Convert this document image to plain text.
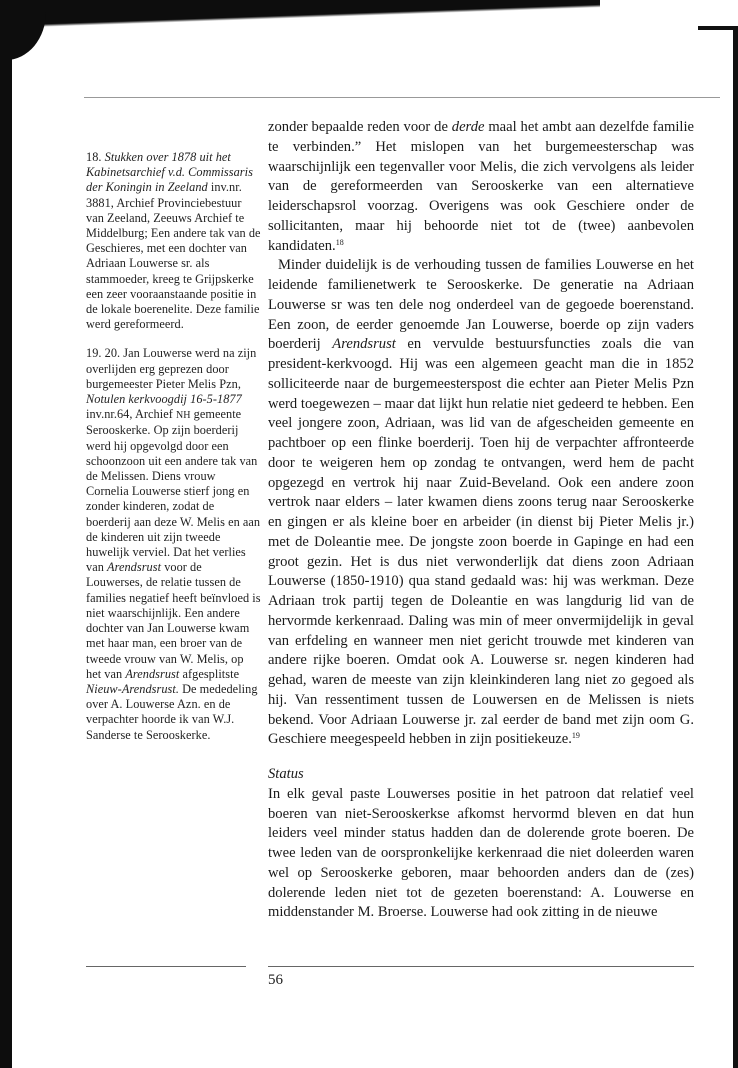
18. Stukken over 1878 uit het Kabinetsarchief v.d. Commissaris der Koningin in Zeeland inv.nr. 3881, Archief Provinciebestuur van Zeeland, Zeeuws Archief te Middelburg; Een andere tak van de Geschieres, met een dochter van Adriaan Louwerse sr. als stammoeder, kreeg te Grijpskerke een zeer vooraanstaande positie in de lokale boerenelite. Deze familie werd gereformeerd.

19. 20. Jan Louwerse werd na zijn overlijden erg geprezen door burgemeester Pieter Melis Pzn, Notulen kerkvoogdij 16-5-1877 inv.nr.64, Archief NH gemeente Serooskerke. Op zijn boerderij werd hij opgevolgd door een schoonzoon uit een andere tak van de Melissen. Diens vrouw Cornelia Louwerse stierf jong en zonder kinderen, zodat de boerderij aan deze W. Melis en aan de kinderen uit zijn tweede huwelijk verviel. Dat het verlies van Arendsrust voor de Louwerses, de relatie tussen de families negatief heeft beïnvloed is niet waarschijnlijk. Een andere dochter van Jan Louwerse kwam met haar man, een broer van de tweede vrouw van W. Melis, op het van Arendsrust afgesplitste Nieuw-Arendsrust. De mededeling over A. Louwerse Azn. en de verpachter hoorde ik van W.J. Sanderse te Serooskerke.

zonder bepaalde reden voor de derde maal het ambt aan dezelfde familie te verbinden.” Het mislopen van het burgemeesterschap was waarschijnlijk een tegenvaller voor Melis, die zich vervolgens als leider van de gereformeerden van Serooskerke van een alternatieve leiderschapsrol voorzag. Overigens was ook Geschiere onder de sollicitanten, maar hij behoorde niet tot de (twee) aanbevolen kandidaten.$^{18}$

Minder duidelijk is de verhouding tussen de families Louwerse en het leidende familienetwerk te Serooskerke. De generatie na Adriaan Louwerse sr was ten dele nog onderdeel van de gegoede boerenstand. Een zoon, de eerder genoemde Jan Louwerse, boerde op zijn vaders boerderij Arendsrust en vervulde bestuursfuncties zoals die van president-kerkvoogd. Hij was een algemeen geacht man die in 1852 solliciteerde naar de burgemeesterspost die echter aan Pieter Melis Pzn werd toegewezen – maar dat lijkt hun relatie niet gedeerd te hebben. Een veel jongere zoon, Adriaan, was lid van de afgescheiden gemeente en pachtboer op een flinke boerderij. Toen hij de verpachter affronteerde door te weigeren hem op zondag te ontvangen, werd hem de pacht opgezegd en vertrok hij naar Zuid-Beveland. Ook een andere zoon vertrok naar elders – later kwamen diens zoons terug naar Serooskerke en gingen er als kleine boer en arbeider (in dienst bij Pieter Melis jr.) met de Doleantie mee. De jongste zoon boerde in Gapinge en had een groot gezin. Het is dus niet verwonderlijk dat diens zoon Adriaan Louwerse (1850-1910) qua stand gedaald was: hij was werkman. Deze Adriaan trok partij tegen de Doleantie en was langdurig lid van de hervormde kerkenraad. Daling was min of meer onvermijdelijk in geval van erfdeling en wanneer men niet gericht trouwde met kinderen van andere rijke boeren. Omdat ook A. Louwerse sr. negen kinderen had gehad, waren de meeste van zijn kleinkinderen lang niet zo gegoed als hij. Van ressentiment tussen de Louwersen en de Melissen is niets bekend. Voor Adriaan Louwerse jr. zal eerder de band met zijn oom G. Geschiere meegespeeld hebben in zijn positiekeuze.$^{19}$

Status

In elk geval paste Louwerses positie in het patroon dat relatief veel boeren van niet-Serooskerkse afkomst hervormd bleven en dat hun leiders veel minder status hadden dan de dolerende grote boeren. De twee leden van de oorspronkelijke kerkenraad die niet doleerden waren wel op Serooskerke geboren, maar behoorden anders dan de (zes) dolerende leden niet tot de gezeten boerenstand: A. Louwerse en middenstander M. Broerse. Louwerse had ook zitting in de nieuwe

56
